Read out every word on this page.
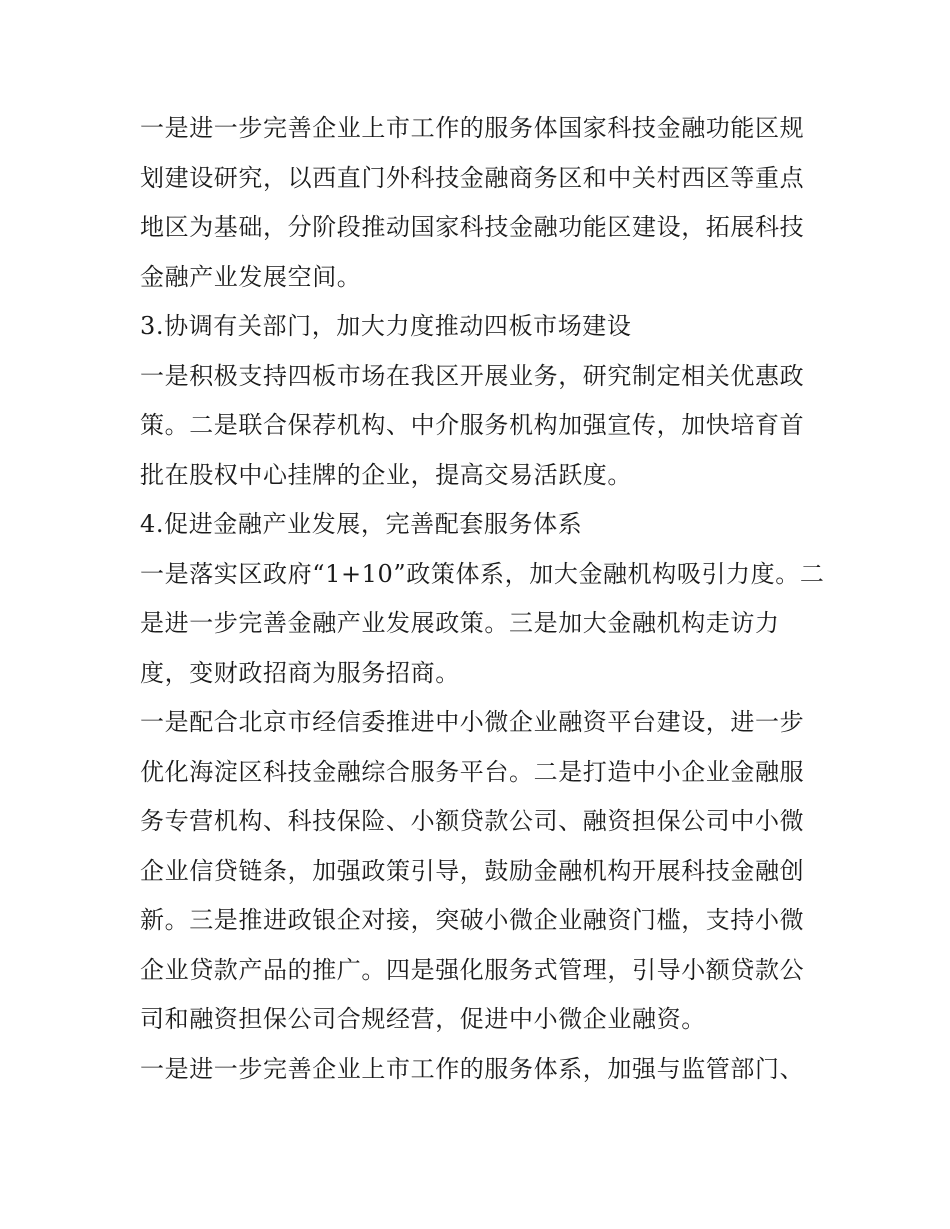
一是进一步完善企业上市工作的服务体国家科技金融功能区规
划建设研究，以西直门外科技金融商务区和中关村西区等重点
地区为基础，分阶段推动国家科技金融功能区建设，拓展科技
金融产业发展空间。
3.协调有关部门，加大力度推动四板市场建设
一是积极支持四板市场在我区开展业务，研究制定相关优惠政
策。二是联合保荐机构、中介服务机构加强宣传，加快培育首
批在股权中心挂牌的企业，提高交易活跃度。
4.促进金融产业发展，完善配套服务体系
一是落实区政府“1+10”政策体系，加大金融机构吸引力度。二
是进一步完善金融产业发展政策。三是加大金融机构走访力
度，变财政招商为服务招商。
一是配合北京市经信委推进中小微企业融资平台建设，进一步
优化海淀区科技金融综合服务平台。二是打造中小企业金融服
务专营机构、科技保险、小额贷款公司、融资担保公司中小微
企业信贷链条，加强政策引导，鼓励金融机构开展科技金融创
新。三是推进政银企对接，突破小微企业融资门槛，支持小微
企业贷款产品的推广。四是强化服务式管理，引导小额贷款公
司和融资担保公司合规经营，促进中小微企业融资。
一是进一步完善企业上市工作的服务体系，加强与监管部门、
